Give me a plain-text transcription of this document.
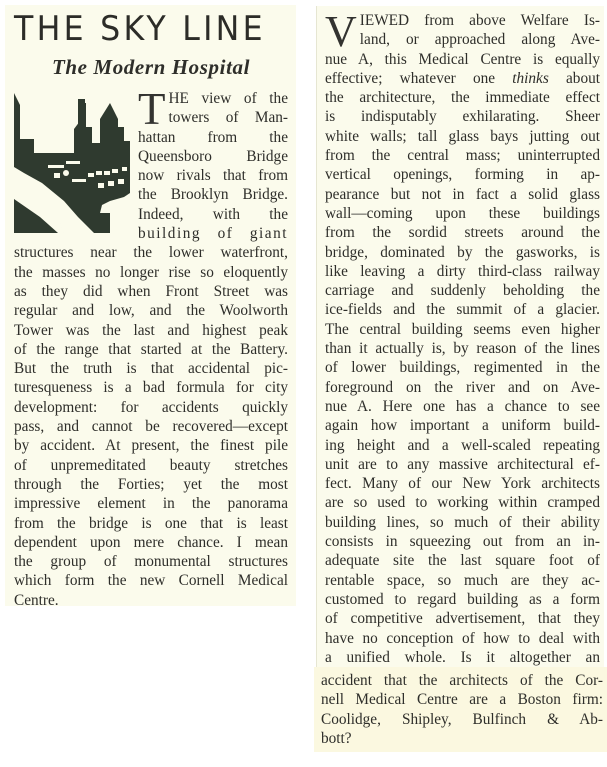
THE SKY LINE
The Modern Hospital
T HE view of the
towers of Man-
hattan from the
Queensboro Bridge
now rivals that from
the Brooklyn Bridge.
Indeed, with the
building of giant
structures near the lower waterfront,
the masses no longer rise so eloquently
as they did when Front Street was
regular and low, and the Woolworth
Tower was the last and highest peak
of the range that started at the Battery.
But the truth is that accidental pic-
turesqueness is a bad formula for city
development: for accidents quickly
pass, and cannot be recovered—except
by accident. At present, the finest pile
of unpremeditated beauty stretches
through the Forties; yet the most
impressive element in the panorama
from the bridge is one that is least
dependent upon mere chance. I mean
the group of monumental structures
which form the new Cornell Medical
Centre.
V IEWED from above Welfare Is-
land, or approached along Ave-
nue A, this Medical Centre is equally
effective; whatever one thinks about
the architecture, the immediate effect
is indisputably exhilarating. Sheer
white walls; tall glass bays jutting out
from the central mass; uninterrupted
vertical openings, forming in ap-
pearance but not in fact a solid glass
wall—coming upon these buildings
from the sordid streets around the
bridge, dominated by the gasworks, is
like leaving a dirty third-class railway
carriage and suddenly beholding the
ice-fields and the summit of a glacier.
The central building seems even higher
than it actually is, by reason of the lines
of lower buildings, regimented in the
foreground on the river and on Ave-
nue A. Here one has a chance to see
again how important a uniform build-
ing height and a well-scaled repeating
unit are to any massive architectural ef-
fect. Many of our New York architects
are so used to working within cramped
building lines, so much of their ability
consists in squeezing out from an in-
adequate site the last square foot of
rentable space, so much are they ac-
customed to regard building as a form
of competitive advertisement, that they
have no conception of how to deal with
a unified whole. Is it altogether an
accident that the architects of the Cor-
nell Medical Centre are a Boston firm:
Coolidge, Shipley, Bulfinch & Ab-
bott?
